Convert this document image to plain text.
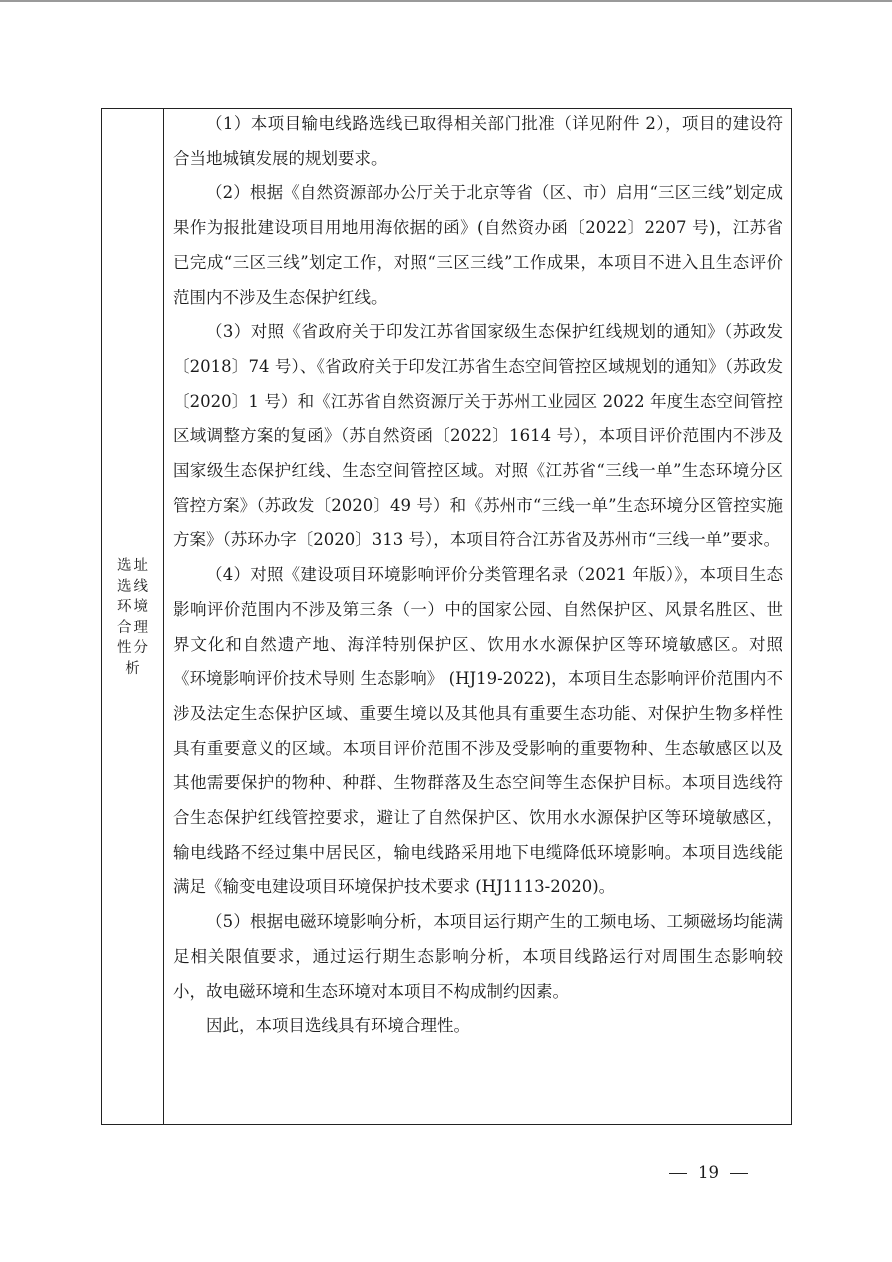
选址选线环境合理性分析

（1）本项目输电线路选线已取得相关部门批准（详见附件 2），项目的建设符合当地城镇发展的规划要求。

（2）根据《自然资源部办公厅关于北京等省（区、市）启用“三区三线”划定成果作为报批建设项目用地用海依据的函》(自然资办函〔2022〕2207 号)，江苏省已完成“三区三线”划定工作，对照“三区三线”工作成果，本项目不进入且生态评价范围内不涉及生态保护红线。

（3）对照《省政府关于印发江苏省国家级生态保护红线规划的通知》（苏政发〔2018〕74 号）、《省政府关于印发江苏省生态空间管控区域规划的通知》（苏政发〔2020〕1 号）和《江苏省自然资源厅关于苏州工业园区 2022 年度生态空间管控区域调整方案的复函》（苏自然资函〔2022〕1614 号），本项目评价范围内不涉及国家级生态保护红线、生态空间管控区域。对照《江苏省“三线一单”生态环境分区管控方案》（苏政发〔2020〕49 号）和《苏州市“三线一单”生态环境分区管控实施方案》（苏环办字〔2020〕313 号），本项目符合江苏省及苏州市“三线一单”要求。

（4）对照《建设项目环境影响评价分类管理名录（2021 年版）》，本项目生态影响评价范围内不涉及第三条（一）中的国家公园、自然保护区、风景名胜区、世界文化和自然遗产地、海洋特别保护区、饮用水水源保护区等环境敏感区。对照《环境影响评价技术导则 生态影响》 (HJ19-2022)，本项目生态影响评价范围内不涉及法定生态保护区域、重要生境以及其他具有重要生态功能、对保护生物多样性具有重要意义的区域。本项目评价范围不涉及受影响的重要物种、生态敏感区以及其他需要保护的物种、种群、生物群落及生态空间等生态保护目标。本项目选线符合生态保护红线管控要求，避让了自然保护区、饮用水水源保护区等环境敏感区，输电线路不经过集中居民区，输电线路采用地下电缆降低环境影响。本项目选线能满足《输变电建设项目环境保护技术要求 (HJ1113-2020)。

（5）根据电磁环境影响分析，本项目运行期产生的工频电场、工频磁场均能满足相关限值要求，通过运行期生态影响分析，本项目线路运行对周围生态影响较小，故电磁环境和生态环境对本项目不构成制约因素。

因此，本项目选线具有环境合理性。

19
